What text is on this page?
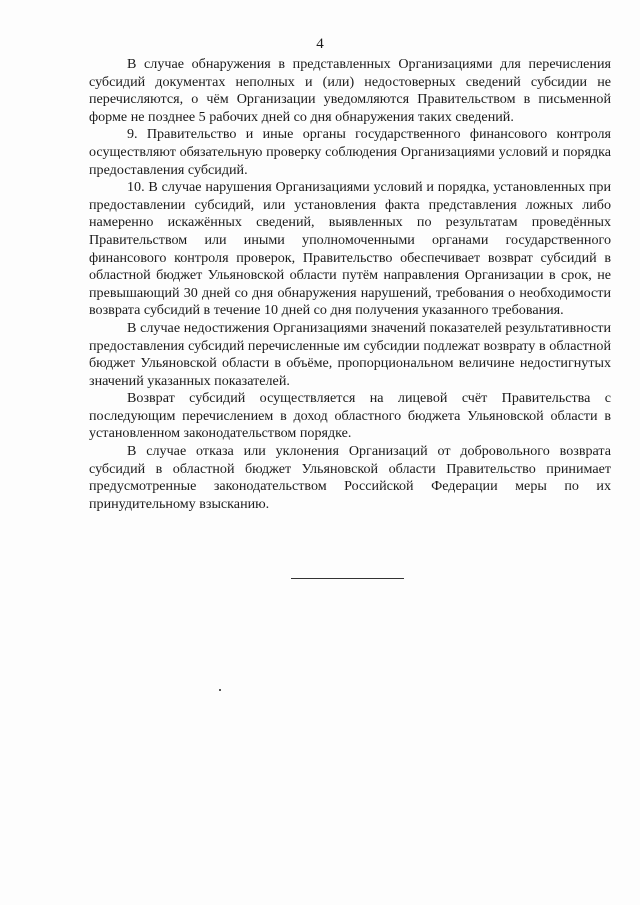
4

В случае обнаружения в представленных Организациями для перечисления субсидий документах неполных и (или) недостоверных сведений субсидии не перечисляются, о чём Организации уведомляются Правительством в письменной форме не позднее 5 рабочих дней со дня обнаружения таких сведений.

9. Правительство и иные органы государственного финансового контроля осуществляют обязательную проверку соблюдения Организациями условий и порядка предоставления субсидий.

10. В случае нарушения Организациями условий и порядка, установленных при предоставлении субсидий, или установления факта представления ложных либо намеренно искажённых сведений, выявленных по результатам проведённых Правительством или иными уполномоченными органами государственного финансового контроля проверок, Правительство обеспечивает возврат субсидий в областной бюджет Ульяновской области путём направления Организации в срок, не превышающий 30 дней со дня обнаружения нарушений, требования о необходимости возврата субсидий в течение 10 дней со дня получения указанного требования.

В случае недостижения Организациями значений показателей результативности предоставления субсидий перечисленные им субсидии подлежат возврату в областной бюджет Ульяновской области в объёме, пропорциональном величине недостигнутых значений указанных показателей.

Возврат субсидий осуществляется на лицевой счёт Правительства с последующим перечислением в доход областного бюджета Ульяновской области в установленном законодательством порядке.

В случае отказа или уклонения Организаций от добровольного возврата субсидий в областной бюджет Ульяновской области Правительство принимает предусмотренные законодательством Российской Федерации меры по их принудительному взысканию.
